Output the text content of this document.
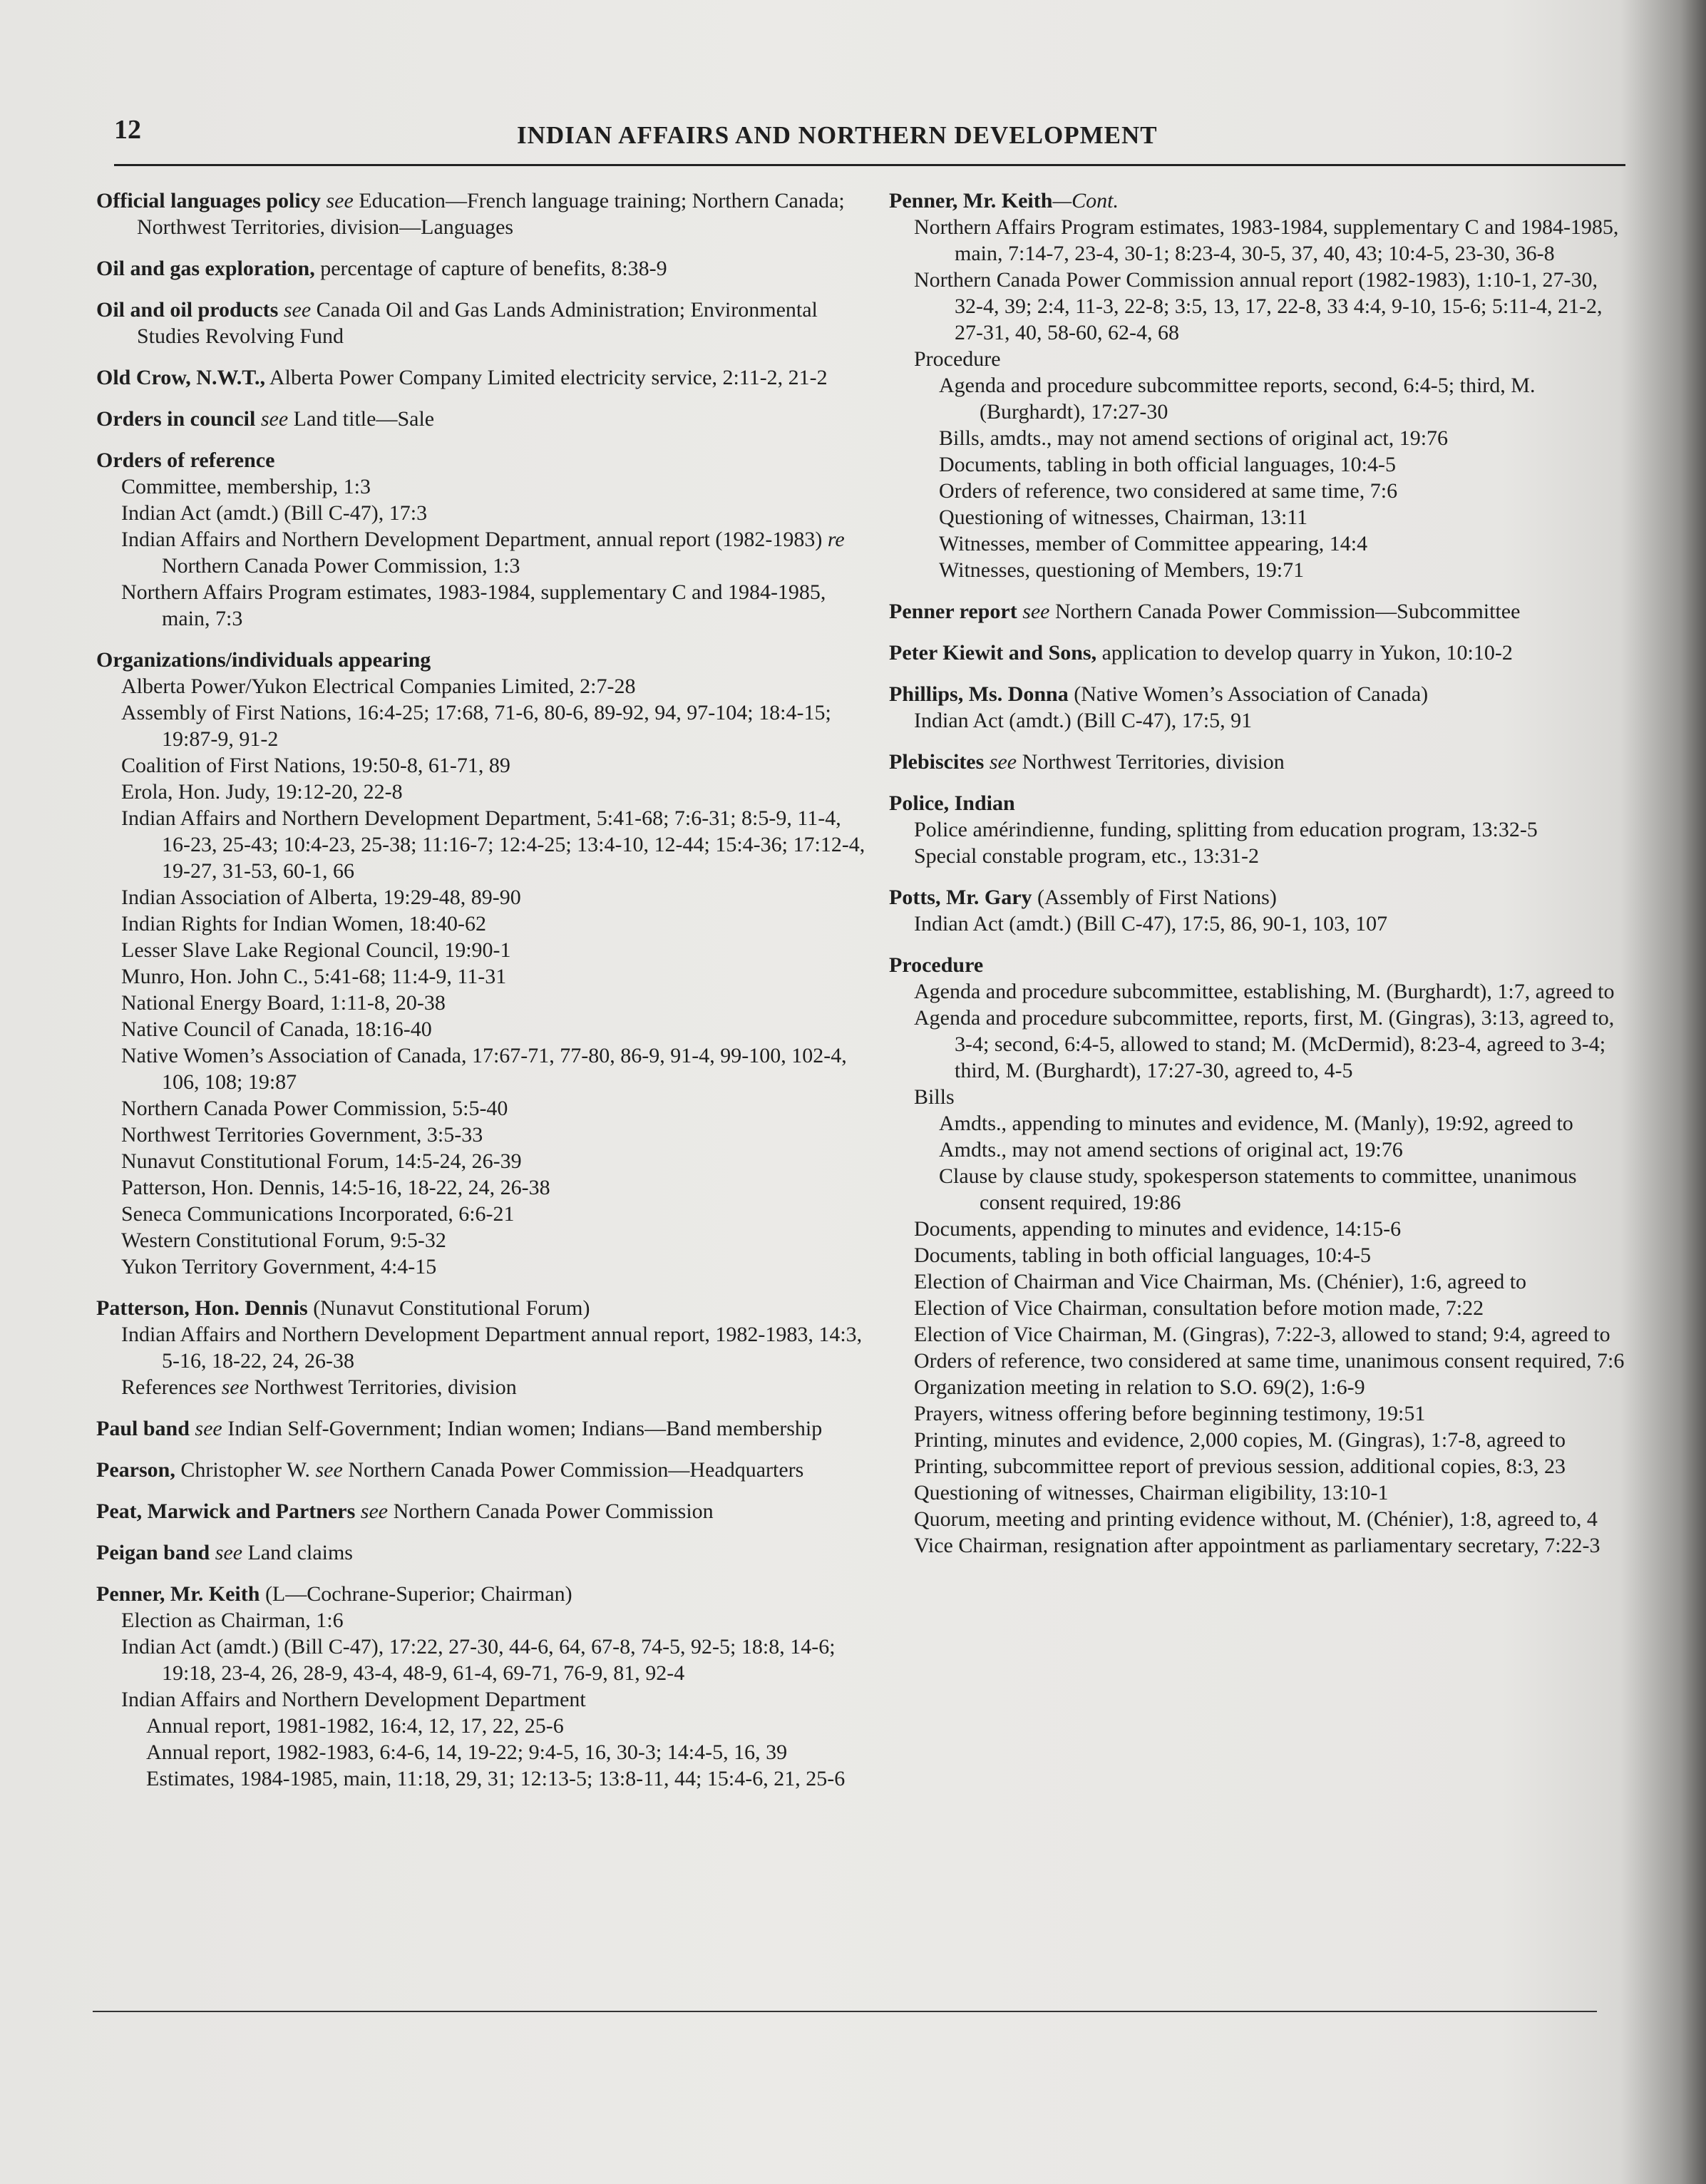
12	INDIAN AFFAIRS AND NORTHERN DEVELOPMENT
Official languages policy see Education—French language training; Northern Canada; Northwest Territories, division—Languages
Oil and gas exploration, percentage of capture of benefits, 8:38-9
Oil and oil products see Canada Oil and Gas Lands Administration; Environmental Studies Revolving Fund
Old Crow, N.W.T., Alberta Power Company Limited electricity service, 2:11-2, 21-2
Orders in council see Land title—Sale
Orders of reference
Committee, membership, 1:3
Indian Act (amdt.) (Bill C-47), 17:3
Indian Affairs and Northern Development Department, annual report (1982-1983) re Northern Canada Power Commission, 1:3
Northern Affairs Program estimates, 1983-1984, supplementary C and 1984-1985, main, 7:3
Organizations/individuals appearing
Alberta Power/Yukon Electrical Companies Limited, 2:7-28
Assembly of First Nations, 16:4-25; 17:68, 71-6, 80-6, 89-92, 94, 97-104; 18:4-15; 19:87-9, 91-2
Coalition of First Nations, 19:50-8, 61-71, 89
Erola, Hon. Judy, 19:12-20, 22-8
Indian Affairs and Northern Development Department, 5:41-68; 7:6-31; 8:5-9, 11-4, 16-23, 25-43; 10:4-23, 25-38; 11:16-7; 12:4-25; 13:4-10, 12-44; 15:4-36; 17:12-4, 19-27, 31-53, 60-1, 66
Indian Association of Alberta, 19:29-48, 89-90
Indian Rights for Indian Women, 18:40-62
Lesser Slave Lake Regional Council, 19:90-1
Munro, Hon. John C., 5:41-68; 11:4-9, 11-31
National Energy Board, 1:11-8, 20-38
Native Council of Canada, 18:16-40
Native Women’s Association of Canada, 17:67-71, 77-80, 86-9, 91-4, 99-100, 102-4, 106, 108; 19:87
Northern Canada Power Commission, 5:5-40
Northwest Territories Government, 3:5-33
Nunavut Constitutional Forum, 14:5-24, 26-39
Patterson, Hon. Dennis, 14:5-16, 18-22, 24, 26-38
Seneca Communications Incorporated, 6:6-21
Western Constitutional Forum, 9:5-32
Yukon Territory Government, 4:4-15
Patterson, Hon. Dennis (Nunavut Constitutional Forum)
Indian Affairs and Northern Development Department annual report, 1982-1983, 14:3, 5-16, 18-22, 24, 26-38
References see Northwest Territories, division
Paul band see Indian Self-Government; Indian women; Indians—Band membership
Pearson, Christopher W. see Northern Canada Power Commission—Headquarters
Peat, Marwick and Partners see Northern Canada Power Commission
Peigan band see Land claims
Penner, Mr. Keith (L—Cochrane-Superior; Chairman)
Election as Chairman, 1:6
Indian Act (amdt.) (Bill C-47), 17:22, 27-30, 44-6, 64, 67-8, 74-5, 92-5; 18:8, 14-6; 19:18, 23-4, 26, 28-9, 43-4, 48-9, 61-4, 69-71, 76-9, 81, 92-4
Indian Affairs and Northern Development Department
Annual report, 1981-1982, 16:4, 12, 17, 22, 25-6
Annual report, 1982-1983, 6:4-6, 14, 19-22; 9:4-5, 16, 30-3; 14:4-5, 16, 39
Estimates, 1984-1985, main, 11:18, 29, 31; 12:13-5; 13:8-11, 44; 15:4-6, 21, 25-6
Penner, Mr. Keith—Cont.
Northern Affairs Program estimates, 1983-1984, supplementary C and 1984-1985, main, 7:14-7, 23-4, 30-1; 8:23-4, 30-5, 37, 40, 43; 10:4-5, 23-30, 36-8
Northern Canada Power Commission annual report (1982-1983), 1:10-1, 27-30, 32-4, 39; 2:4, 11-3, 22-8; 3:5, 13, 17, 22-8, 33 4:4, 9-10, 15-6; 5:11-4, 21-2, 27-31, 40, 58-60, 62-4, 68
Procedure
Agenda and procedure subcommittee reports, second, 6:4-5; third, M. (Burghardt), 17:27-30
Bills, amdts., may not amend sections of original act, 19:76
Documents, tabling in both official languages, 10:4-5
Orders of reference, two considered at same time, 7:6
Questioning of witnesses, Chairman, 13:11
Witnesses, member of Committee appearing, 14:4
Witnesses, questioning of Members, 19:71
Penner report see Northern Canada Power Commission—Subcommittee
Peter Kiewit and Sons, application to develop quarry in Yukon, 10:10-2
Phillips, Ms. Donna (Native Women’s Association of Canada)
Indian Act (amdt.) (Bill C-47), 17:5, 91
Plebiscites see Northwest Territories, division
Police, Indian
Police amérindienne, funding, splitting from education program, 13:32-5
Special constable program, etc., 13:31-2
Potts, Mr. Gary (Assembly of First Nations)
Indian Act (amdt.) (Bill C-47), 17:5, 86, 90-1, 103, 107
Procedure
Agenda and procedure subcommittee, establishing, M. (Burghardt), 1:7, agreed to
Agenda and procedure subcommittee, reports, first, M. (Gingras), 3:13, agreed to, 3-4; second, 6:4-5, allowed to stand; M. (McDermid), 8:23-4, agreed to 3-4; third, M. (Burghardt), 17:27-30, agreed to, 4-5
Bills
Amdts., appending to minutes and evidence, M. (Manly), 19:92, agreed to
Amdts., may not amend sections of original act, 19:76
Clause by clause study, spokesperson statements to committee, unanimous consent required, 19:86
Documents, appending to minutes and evidence, 14:15-6
Documents, tabling in both official languages, 10:4-5
Election of Chairman and Vice Chairman, Ms. (Chénier), 1:6, agreed to
Election of Vice Chairman, consultation before motion made, 7:22
Election of Vice Chairman, M. (Gingras), 7:22-3, allowed to stand; 9:4, agreed to
Orders of reference, two considered at same time, unanimous consent required, 7:6
Organization meeting in relation to S.O. 69(2), 1:6-9
Prayers, witness offering before beginning testimony, 19:51
Printing, minutes and evidence, 2,000 copies, M. (Gingras), 1:7-8, agreed to
Printing, subcommittee report of previous session, additional copies, 8:3, 23
Questioning of witnesses, Chairman eligibility, 13:10-1
Quorum, meeting and printing evidence without, M. (Chénier), 1:8, agreed to, 4
Vice Chairman, resignation after appointment as parliamentary secretary, 7:22-3
